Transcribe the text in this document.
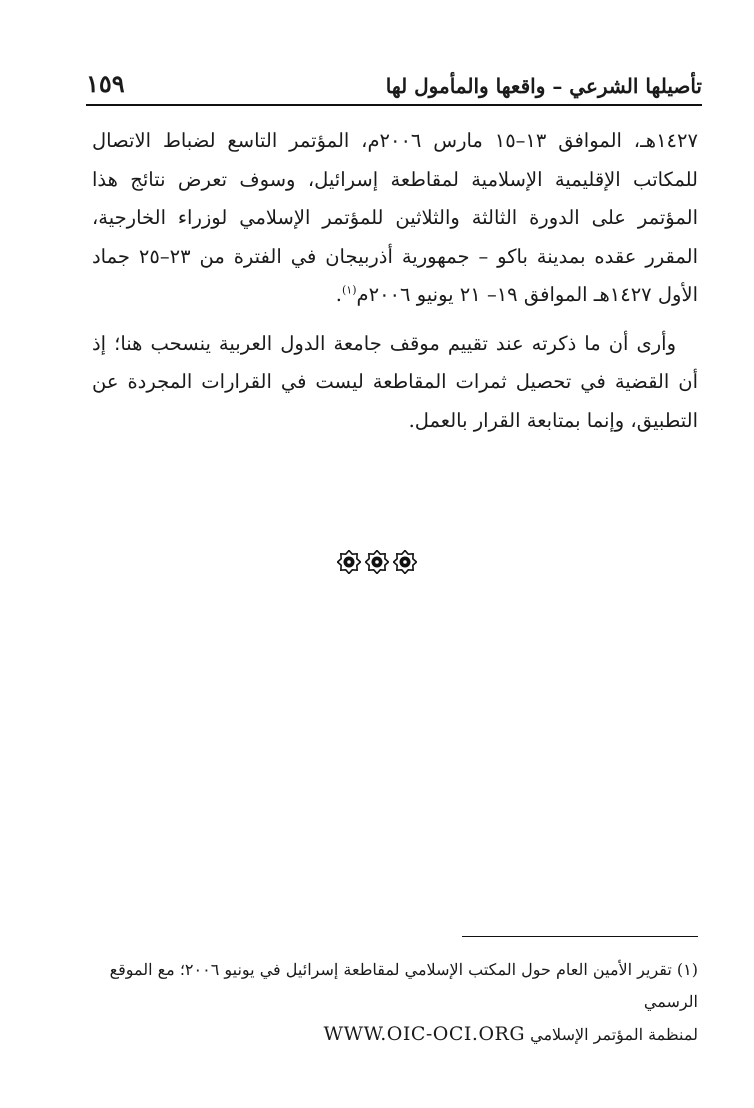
١٥٩	تأصيلها الشرعي – واقعها والمأمول لها

١٤٢٧هـ، الموافق ١٣–١٥ مارس ٢٠٠٦م، المؤتمر التاسع لضباط الاتصال للمكاتب الإقليمية الإسلامية لمقاطعة إسرائيل، وسوف تعرض نتائج هذا المؤتمر على الدورة الثالثة والثلاثين للمؤتمر الإسلامي لوزراء الخارجية، المقرر عقده بمدينة باكو – جمهورية أذربيجان في الفترة من ٢٣–٢٥ جماد الأول ١٤٢٧هـ الموافق ١٩– ٢١ يونيو ٢٠٠٦م$^{(١)}$.

وأرى أن ما ذكرته عند تقييم موقف جامعة الدول العربية ينسحب هنا؛ إذ أن القضية في تحصيل ثمرات المقاطعة ليست في القرارات المجردة عن التطبيق، وإنما بمتابعة القرار بالعمل.

(١) تقرير الأمين العام حول المكتب الإسلامي لمقاطعة إسرائيل في يونيو ٢٠٠٦؛ مع الموقع الرسمي

لمنظمة المؤتمر الإسلامي WWW.OIC-OCI.ORG
